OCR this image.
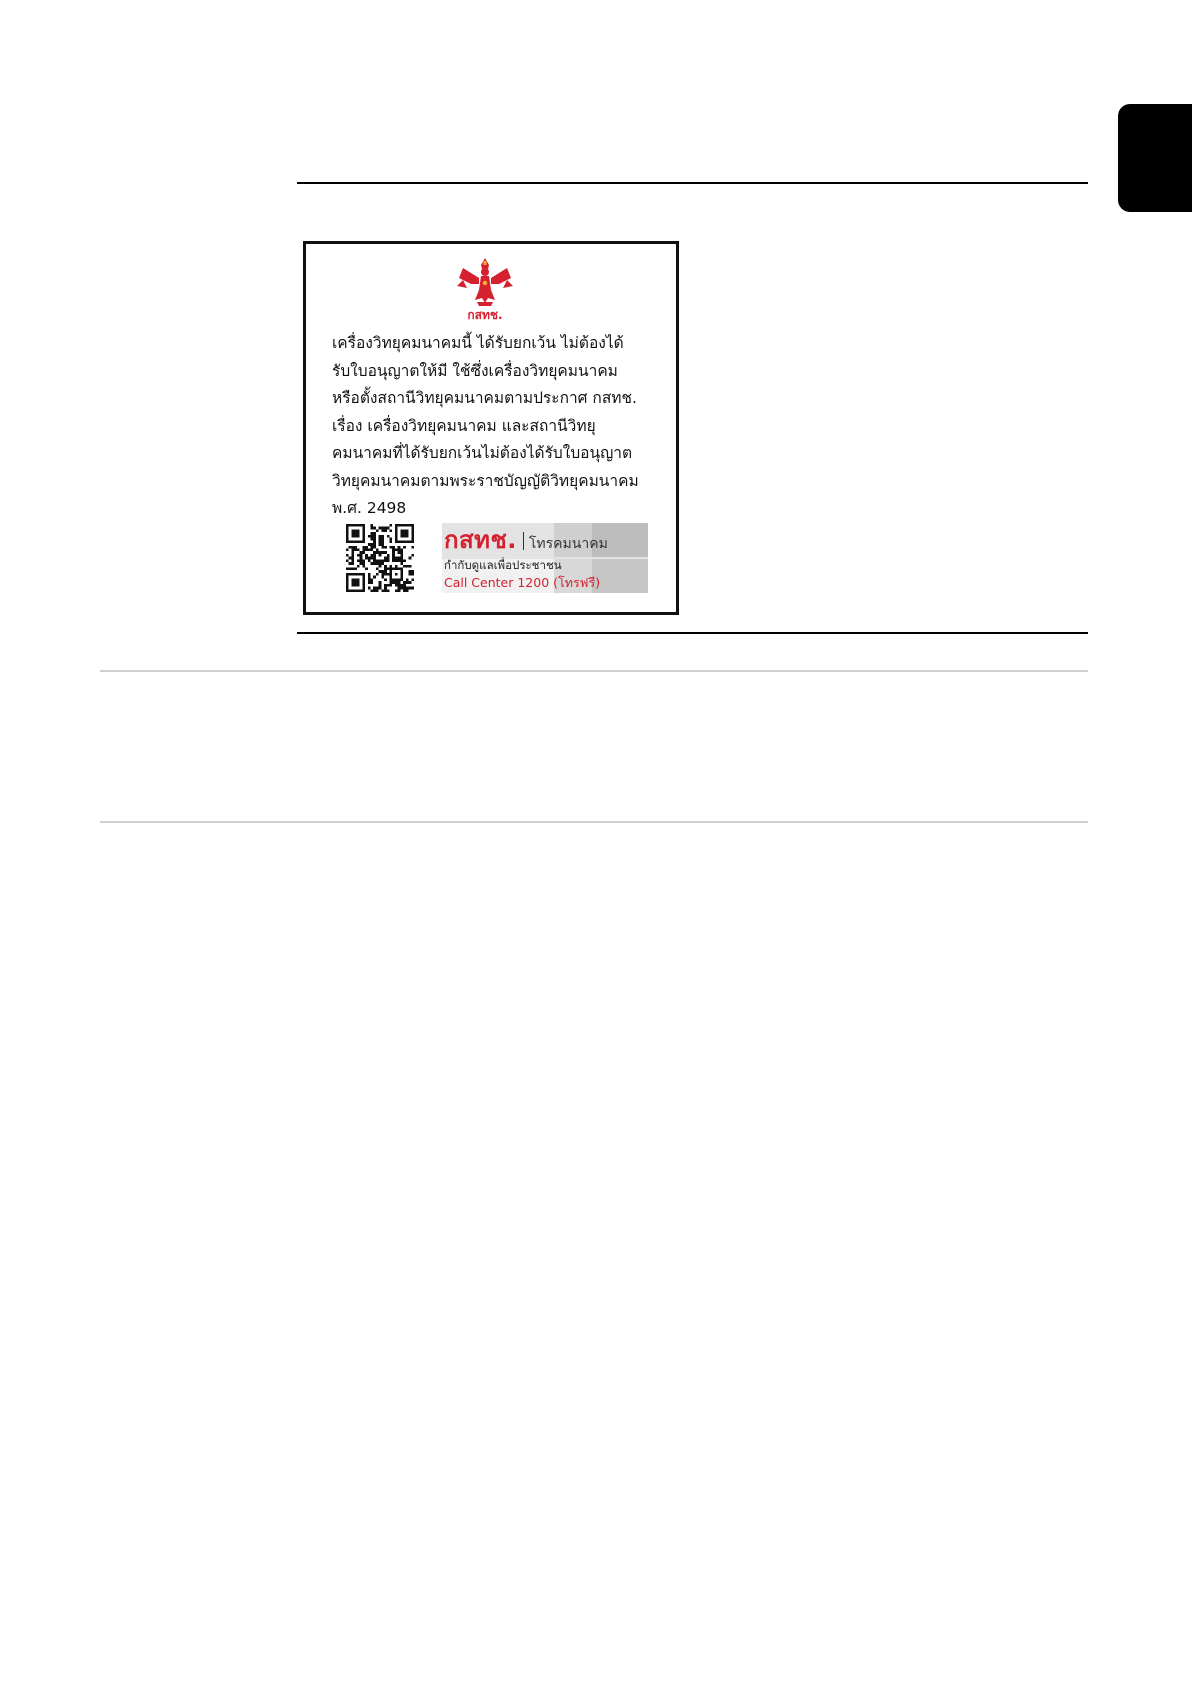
กสทช.
เครื่องวิทยุคมนาคมนี้ ได้รับยกเว้น ไม่ต้องได้
รับใบอนุญาตให้มี ใช้ซึ่งเครื่องวิทยุคมนาคม
หรือตั้งสถานีวิทยุคมนาคมตามประกาศ กสทช.
เรื่อง เครื่องวิทยุคมนาคม และสถานีวิทยุ
คมนาคมที่ได้รับยกเว้นไม่ต้องได้รับใบอนุญาต
วิทยุคมนาคมตามพระราชบัญญัติวิทยุคมนาคม
พ.ศ. 2498
กสทช. โทรคมนาคม
กำกับดูแลเพื่อประชาชน
Call Center 1200 (โทรฟรี)
